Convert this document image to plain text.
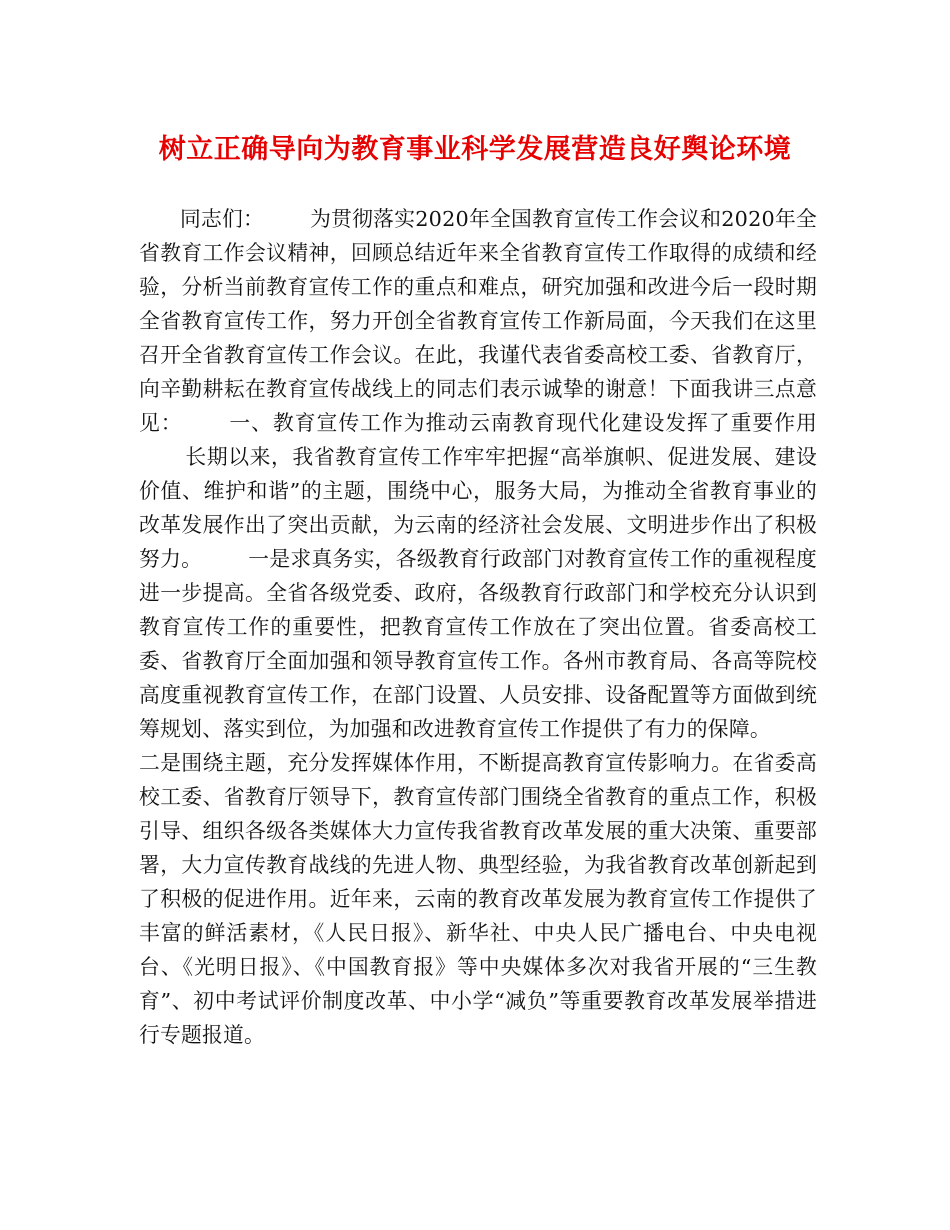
树立正确导向为教育事业科学发展营造良好舆论环境

同志们： 为贯彻落实2020年全国教育宣传工作会议和2020年全省教育工作会议精神，回顾总结近年来全省教育宣传工作取得的成绩和经验，分析当前教育宣传工作的重点和难点，研究加强和改进今后一段时期全省教育宣传工作，努力开创全省教育宣传工作新局面，今天我们在这里召开全省教育宣传工作会议。在此，我谨代表省委高校工委、省教育厅，向辛勤耕耘在教育宣传战线上的同志们表示诚挚的谢意！下面我讲三点意见： 一、教育宣传工作为推动云南教育现代化建设发挥了重要作用长期以来，我省教育宣传工作牢牢把握“高举旗帜、促进发展、建设价值、维护和谐”的主题，围绕中心，服务大局，为推动全省教育事业的改革发展作出了突出贡献，为云南的经济社会发展、文明进步作出了积极努力。 一是求真务实，各级教育行政部门对教育宣传工作的重视程度进一步提高。全省各级党委、政府，各级教育行政部门和学校充分认识到教育宣传工作的重要性，把教育宣传工作放在了突出位置。省委高校工委、省教育厅全面加强和领导教育宣传工作。各州市教育局、各高等院校高度重视教育宣传工作，在部门设置、人员安排、设备配置等方面做到统筹规划、落实到位，为加强和改进教育宣传工作提供了有力的保障。二是围绕主题，充分发挥媒体作用，不断提高教育宣传影响力。在省委高校工委、省教育厅领导下，教育宣传部门围绕全省教育的重点工作，积极引导、组织各级各类媒体大力宣传我省教育改革发展的重大决策、重要部署，大力宣传教育战线的先进人物、典型经验，为我省教育改革创新起到了积极的促进作用。近年来，云南的教育改革发展为教育宣传工作提供了丰富的鲜活素材，《人民日报》、新华社、中央人民广播电台、中央电视台、《光明日报》、《中国教育报》等中央媒体多次对我省开展的“三生教育”、初中考试评价制度改革、中小学“减负”等重要教育改革发展举措进行专题报道。
